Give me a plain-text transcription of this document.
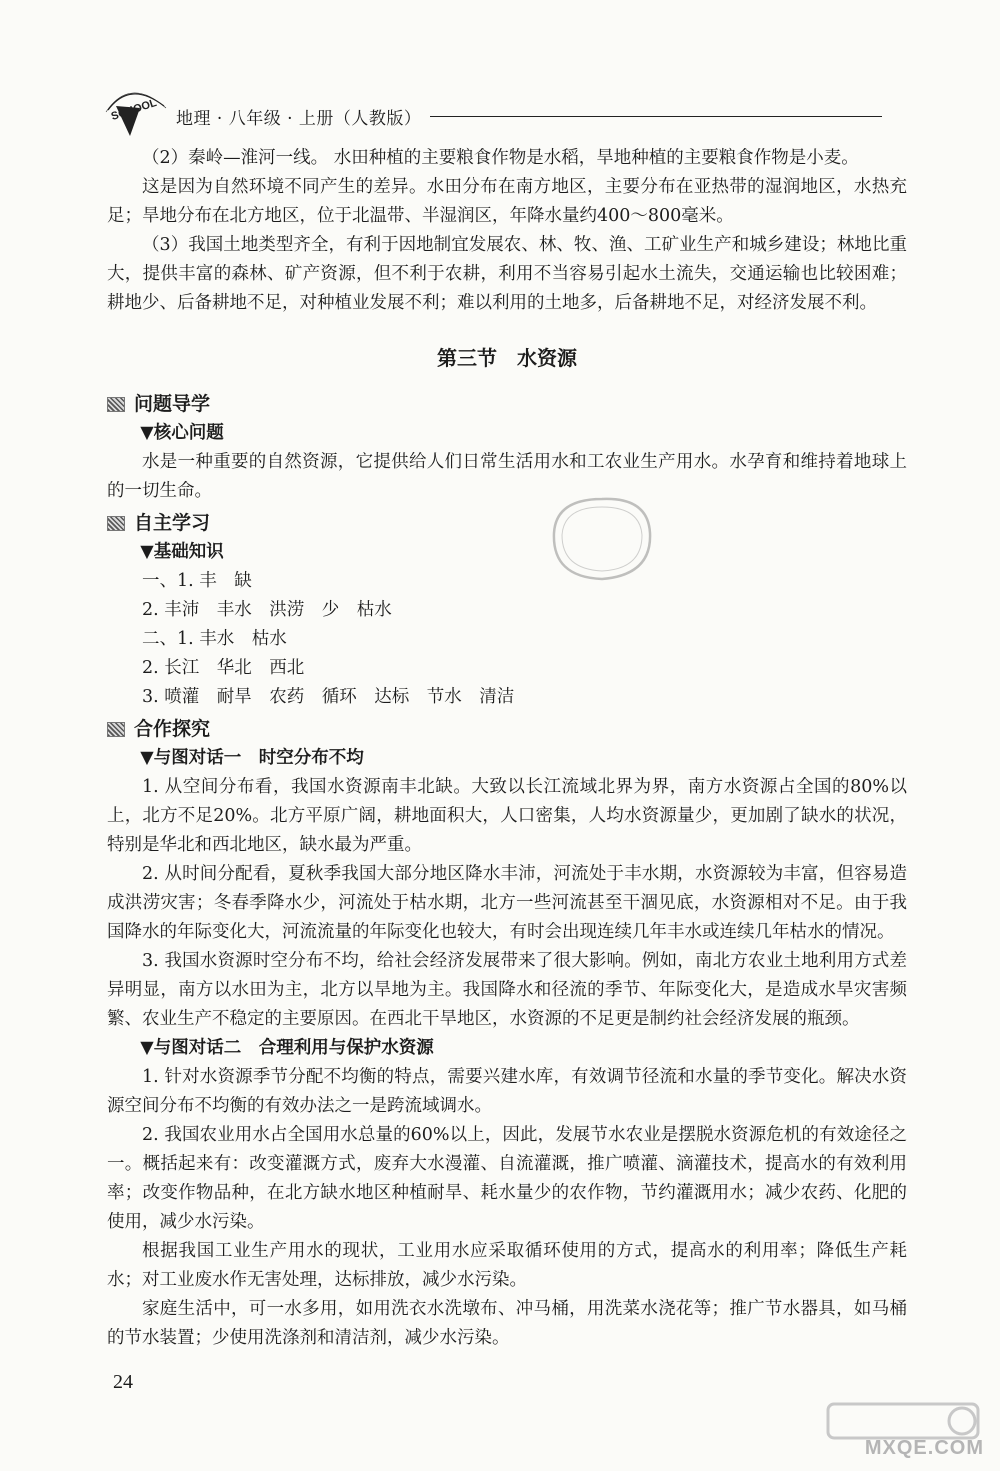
SCHOOL 地理 · 八年级 · 上册（人教版）

（2）秦岭—淮河一线。 水田种植的主要粮食作物是水稻，旱地种植的主要粮食作物是小麦。

这是因为自然环境不同产生的差异。水田分布在南方地区，主要分布在亚热带的湿润地区，水热充足；旱地分布在北方地区，位于北温带、半湿润区，年降水量约400～800毫米。

（3）我国土地类型齐全，有利于因地制宜发展农、林、牧、渔、工矿业生产和城乡建设；林地比重大，提供丰富的森林、矿产资源，但不利于农耕，利用不当容易引起水土流失，交通运输也比较困难；耕地少、后备耕地不足，对种植业发展不利；难以利用的土地多，后备耕地不足，对经济发展不利。

第三节 水资源
问题导学
▼核心问题

水是一种重要的自然资源，它提供给人们日常生活用水和工农业生产用水。水孕育和维持着地球上的一切生命。

自主学习
▼基础知识

一、1. 丰　缺

2. 丰沛　丰水　洪涝　少　枯水

二、1. 丰水　枯水

2. 长江　华北　西北

3. 喷灌　耐旱　农药　循环　达标　节水　清洁

合作探究
▼与图对话一 时空分布不均

1. 从空间分布看，我国水资源南丰北缺。大致以长江流域北界为界，南方水资源占全国的80%以上，北方不足20%。北方平原广阔，耕地面积大，人口密集，人均水资源量少，更加剧了缺水的状况，特别是华北和西北地区，缺水最为严重。

2. 从时间分配看，夏秋季我国大部分地区降水丰沛，河流处于丰水期，水资源较为丰富，但容易造成洪涝灾害；冬春季降水少，河流处于枯水期，北方一些河流甚至干涸见底，水资源相对不足。由于我国降水的年际变化大，河流流量的年际变化也较大，有时会出现连续几年丰水或连续几年枯水的情况。

3. 我国水资源时空分布不均，给社会经济发展带来了很大影响。例如，南北方农业土地利用方式差异明显，南方以水田为主，北方以旱地为主。我国降水和径流的季节、年际变化大，是造成水旱灾害频繁、农业生产不稳定的主要原因。在西北干旱地区，水资源的不足更是制约社会经济发展的瓶颈。

▼与图对话二 合理利用与保护水资源

1. 针对水资源季节分配不均衡的特点，需要兴建水库，有效调节径流和水量的季节变化。解决水资源空间分布不均衡的有效办法之一是跨流域调水。

2. 我国农业用水占全国用水总量的60%以上，因此，发展节水农业是摆脱水资源危机的有效途径之一。概括起来有：改变灌溉方式，废弃大水漫灌、自流灌溉，推广喷灌、滴灌技术，提高水的有效利用率；改变作物品种，在北方缺水地区种植耐旱、耗水量少的农作物，节约灌溉用水；减少农药、化肥的使用，减少水污染。

根据我国工业生产用水的现状，工业用水应采取循环使用的方式，提高水的利用率；降低生产耗水；对工业废水作无害处理，达标排放，减少水污染。

家庭生活中，可一水多用，如用洗衣水洗墩布、冲马桶，用洗菜水浇花等；推广节水器具，如马桶的节水装置；少使用洗涤剂和清洁剂，减少水污染。

24
MXQE.COM
